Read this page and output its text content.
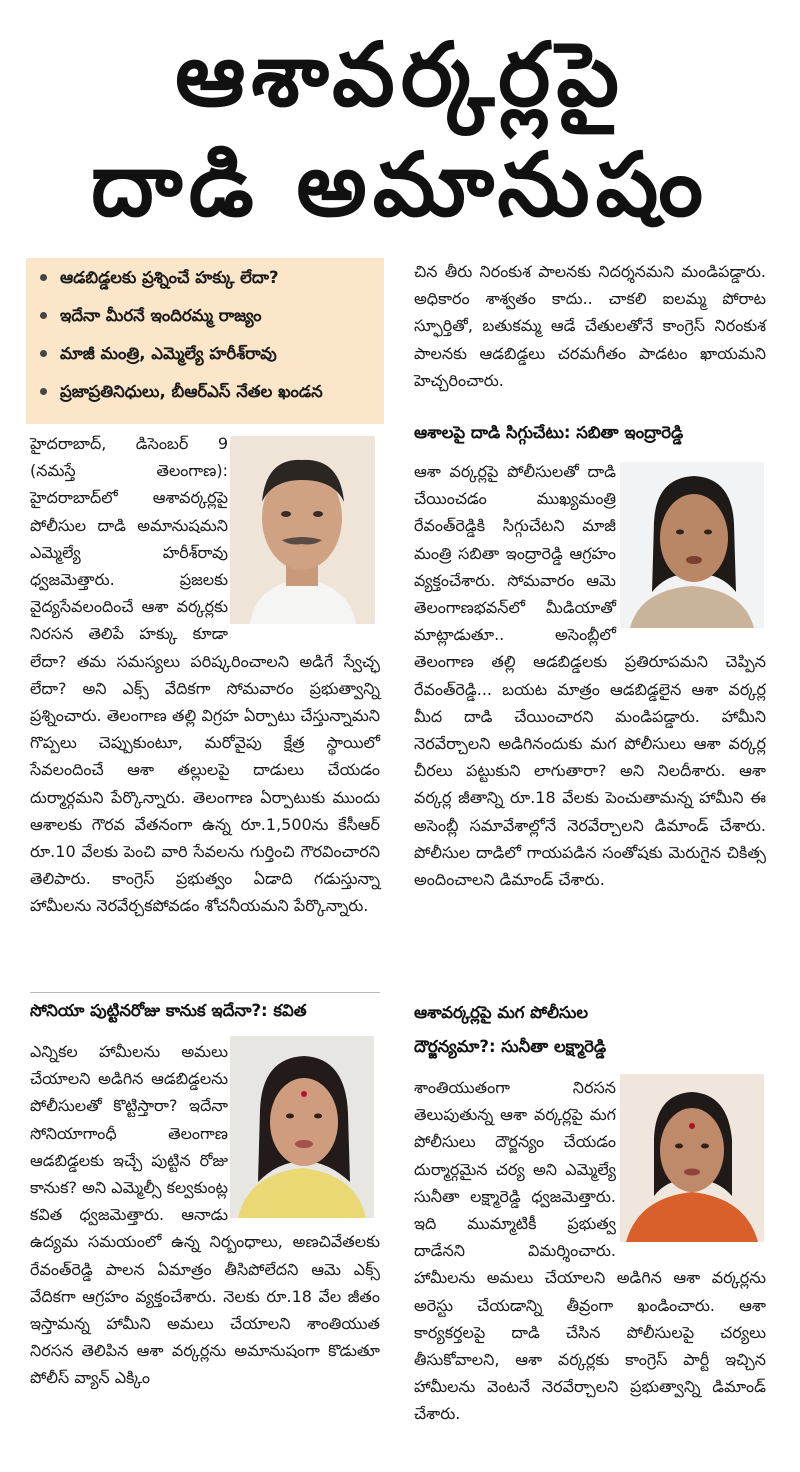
ఆశావర్కర్లపై
దాడి అమానుషం
ఆడబిడ్డలకు ప్రశ్నించే హక్కు లేదా?
ఇదేనా మీరనే ఇందిరమ్మ రాజ్యం
మాజీ మంత్రి, ఎమ్మెల్యే హరీశ్‌రావు
ప్రజాప్రతినిధులు, బీఆర్‌ఎస్ నేతల ఖండన

హైదరాబాద్, డిసెంబర్ 9 (నమస్తే తెలంగాణ): హైదరాబాద్‌లో ఆశావర్కర్లపై పోలీసుల దాడి అమానుషమని ఎమ్మెల్యే హరీశ్‌రావు ధ్వజమెత్తారు. ప్రజలకు వైద్యసేవలందించే ఆశా వర్కర్లకు నిరసన తెలిపే హక్కు కూడా లేదా? తమ సమస్యలు పరిష్కరించాలని అడిగే స్వేచ్ఛ లేదా? అని ఎక్స్ వేదికగా సోమవారం ప్రభుత్వాన్ని ప్రశ్నించారు. తెలంగాణ తల్లి విగ్రహ ఏర్పాటు చేస్తున్నామని గొప్పలు చెప్పుకుంటూ, మరోవైపు క్షేత్ర స్థాయిలో సేవలందించే ఆశా తల్లులపై దాడులు చేయడం దుర్మార్గమని పేర్కొన్నారు. తెలంగాణ ఏర్పాటుకు ముందు ఆశాలకు గౌరవ వేతనంగా ఉన్న రూ.1,500ను కేసీఆర్ రూ.10 వేలకు పెంచి వారి సేవలను గుర్తించి గౌరవించారని తెలిపారు. కాంగ్రెస్ ప్రభుత్వం ఏడాది గడుస్తున్నా హామీలను నెరవేర్చకపోవడం శోచనీయమని పేర్కొన్నారు.

చిన తీరు నిరంకుశ పాలనకు నిదర్శనమని మండిపడ్డారు. అధికారం శాశ్వతం కాదు.. చాకలి ఐలమ్మ పోరాట స్ఫూర్తితో, బతుకమ్మ ఆడే చేతులతోనే కాంగ్రెస్ నిరంకుశ పాలనకు ఆడబిడ్డలు చరమగీతం పాడటం ఖాయమని హెచ్చరించారు.

ఆశాలపై దాడి సిగ్గుచేటు: సబితా ఇంద్రారెడ్డి

ఆశా వర్కర్లపై పోలీసులతో దాడి చేయించడం ముఖ్యమంత్రి రేవంత్‌రెడ్డికి సిగ్గుచేటని మాజీ మంత్రి సబితా ఇంద్రారెడ్డి ఆగ్రహం వ్యక్తంచేశారు. సోమవారం ఆమె తెలంగాణభవన్‌లో మీడియాతో మాట్లాడుతూ.. అసెంబ్లీలో తెలంగాణ తల్లి ఆడబిడ్డలకు ప్రతిరూపమని చెప్పిన రేవంత్‌రెడ్డి... బయట మాత్రం ఆడబిడ్డలైన ఆశా వర్కర్ల మీద దాడి చేయించారని మండిపడ్డారు. హామీని నెరవేర్చాలని అడిగినందుకు మగ పోలీసులు ఆశా వర్కర్ల చీరలు పట్టుకుని లాగుతారా? అని నిలదీశారు. ఆశా వర్కర్ల జీతాన్ని రూ.18 వేలకు పెంచుతామన్న హామీని ఈ అసెంబ్లీ సమావేశాల్లోనే నెరవేర్చాలని డిమాండ్ చేశారు. పోలీసుల దాడిలో గాయపడిన సంతోషకు మెరుగైన చికిత్స అందించాలని డిమాండ్ చేశారు.

సోనియా పుట్టినరోజు కానుక ఇదేనా?: కవిత

ఎన్నికల హామీలను అమలు చేయాలని అడిగిన ఆడబిడ్డలను పోలీసులతో కొట్టిస్తారా? ఇదేనా సోనియాగాంధీ తెలంగాణ ఆడబిడ్డలకు ఇచ్చే పుట్టిన రోజు కానుక? అని ఎమ్మెల్సీ కల్వకుంట్ల కవిత ధ్వజమెత్తారు. ఆనాడు ఉద్యమ సమయంలో ఉన్న నిర్బంధాలు, అణచివేతలకు రేవంత్‌రెడ్డి పాలన ఏమాత్రం తీసిపోలేదని ఆమె ఎక్స్ వేదికగా ఆగ్రహం వ్యక్తంచేశారు. నెలకు రూ.18 వేల జీతం ఇస్తామన్న హామీని అమలు చేయాలని శాంతియుత నిరసన తెలిపిన ఆశా వర్కర్లను అమానుషంగా కొడుతూ పోలీస్ వ్యాన్ ఎక్కిం

ఆశావర్కర్లపై మగ పోలీసుల
దౌర్జన్యమా?: సునీతా లక్ష్మారెడ్డి

శాంతియుతంగా నిరసన తెలుపుతున్న ఆశా వర్కర్లపై మగ పోలీసులు దౌర్జన్యం చేయడం దుర్మార్గమైన చర్య అని ఎమ్మెల్యే సునీతా లక్ష్మారెడ్డి ధ్వజమెత్తారు. ఇది ముమ్మాటికీ ప్రభుత్వ దాడేనని విమర్శించారు. హామీలను అమలు చేయాలని అడిగిన ఆశా వర్కర్లను అరెస్టు చేయడాన్ని తీవ్రంగా ఖండించారు. ఆశా కార్యకర్తలపై దాడి చేసిన పోలీసులపై చర్యలు తీసుకోవాలని, ఆశా వర్కర్లకు కాంగ్రెస్ పార్టీ ఇచ్చిన హామీలను వెంటనే నెరవేర్చాలని ప్రభుత్వాన్ని డిమాండ్ చేశారు.
